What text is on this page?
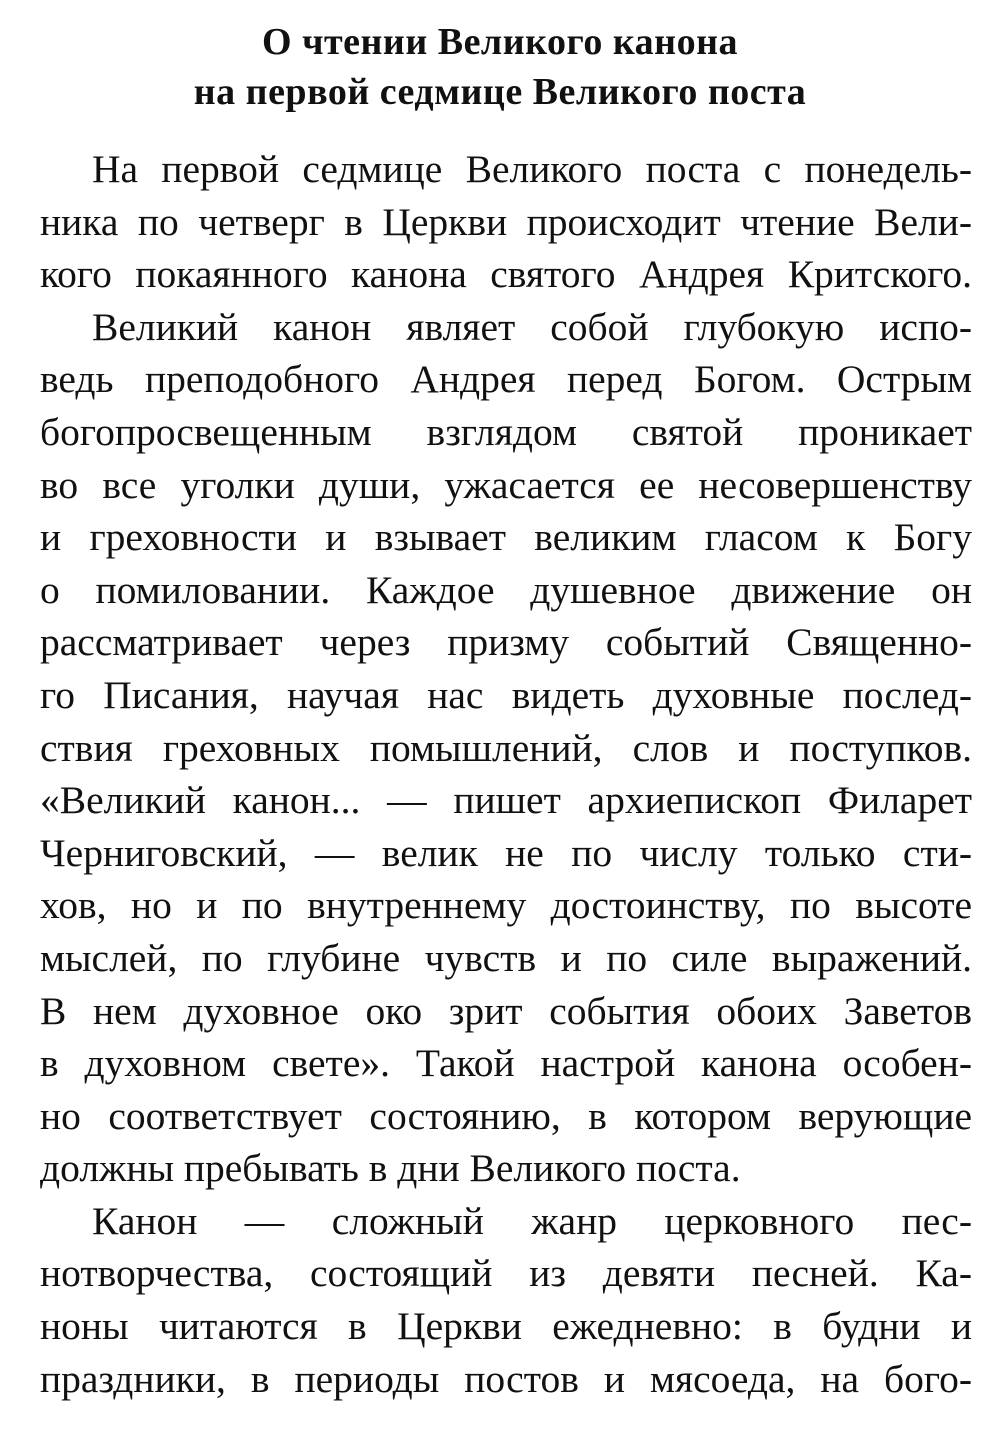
О чтении Великого канона
на первой седмице Великого поста
На первой седмице Великого поста с понедель-
ника по четверг в Церкви происходит чтение Вели-
кого покаянного канона святого Андрея Критского.
Великий канон являет собой глубокую испо-
ведь преподобного Андрея перед Богом. Острым
богопросвещенным взглядом святой проникает
во все уголки души, ужасается ее несовершенству
и греховности и взывает великим гласом к Богу
о помиловании. Каждое душевное движение он
рассматривает через призму событий Священно-
го Писания, научая нас видеть духовные послед-
ствия греховных помышлений, слов и поступков.
«Великий канон... — пишет архиепископ Филарет
Черниговский, — велик не по числу только сти-
хов, но и по внутреннему достоинству, по высоте
мыслей, по глубине чувств и по силе выражений.
В нем духовное око зрит события обоих Заветов
в духовном свете». Такой настрой канона особен-
но соответствует состоянию, в котором верующие
должны пребывать в дни Великого поста.
Канон — сложный жанр церковного пес-
нотворчества, состоящий из девяти песней. Ка-
ноны читаются в Церкви ежедневно: в будни и
праздники, в периоды постов и мясоеда, на бого-
